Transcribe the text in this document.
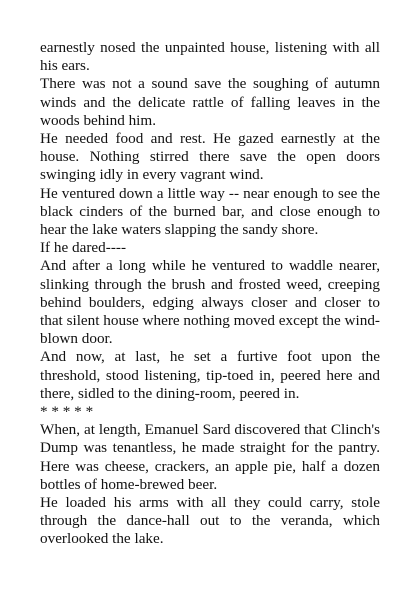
earnestly nosed the unpainted house, listening with all his ears.

There was not a sound save the soughing of autumn winds and the delicate rattle of falling leaves in the woods behind him.

He needed food and rest. He gazed earnestly at the house. Nothing stirred there save the open doors swinging idly in every vagrant wind.

He ventured down a little way -- near enough to see the black cinders of the burned bar, and close enough to hear the lake waters slapping the sandy shore.

If he dared----

And after a long while he ventured to waddle nearer, slinking through the brush and frosted weed, creeping behind boulders, edging always closer and closer to that silent house where nothing moved except the wind-blown door.

And now, at last, he set a furtive foot upon the threshold, stood listening, tip-toed in, peered here and there, sidled to the dining-room, peered in.

* * * * *

When, at length, Emanuel Sard discovered that Clinch's Dump was tenantless, he made straight for the pantry. Here was cheese, crackers, an apple pie, half a dozen bottles of home-brewed beer.

He loaded his arms with all they could carry, stole through the dance-hall out to the veranda, which overlooked the lake.
